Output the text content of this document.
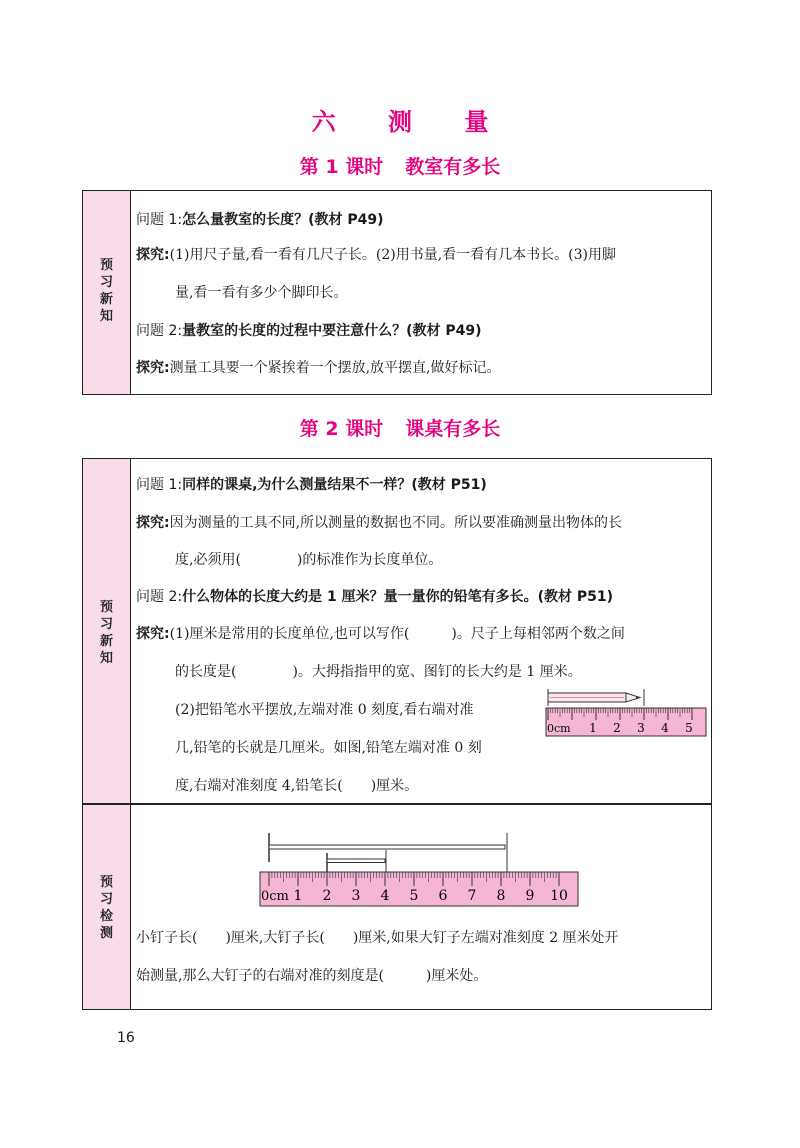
六 测 量
第 1 课时 教室有多长
预
习
新
知
问题 1:怎么量教室的长度？(教材 P49)
探究:(1)用尺子量,看一看有几尺子长。(2)用书量,看一看有几本书长。(3)用脚
量,看一看有多少个脚印长。
问题 2:量教室的长度的过程中要注意什么？(教材 P49)
探究:测量工具要一个紧挨着一个摆放,放平摆直,做好标记。
第 2 课时 课桌有多长
预
习
新
知
预
习
检
测
问题 1:同样的课桌,为什么测量结果不一样？(教材 P51)
探究:因为测量的工具不同,所以测量的数据也不同。所以要准确测量出物体的长
度,必须用(　　　　)的标准作为长度单位。
问题 2:什么物体的长度大约是 1 厘米？量一量你的铅笔有多长。(教材 P51)
探究:(1)厘米是常用的长度单位,也可以写作(　　　)。尺子上每相邻两个数之间
的长度是(　　　　)。大拇指指甲的宽、图钉的长大约是 1 厘米。
(2)把铅笔水平摆放,左端对准 0 刻度,看右端对准
几,铅笔的长就是几厘米。如图,铅笔左端对准 0 刻
度,右端对准刻度 4,铅笔长(　　)厘米。
0cm 1 2 3 4 5
0cm 1 2 3 4 5 6 7 8 9 10
小钉子长(　　)厘米,大钉子长(　　)厘米,如果大钉子左端对准刻度 2 厘米处开
始测量,那么大钉子的右端对准的刻度是(　　　)厘米处。
16
